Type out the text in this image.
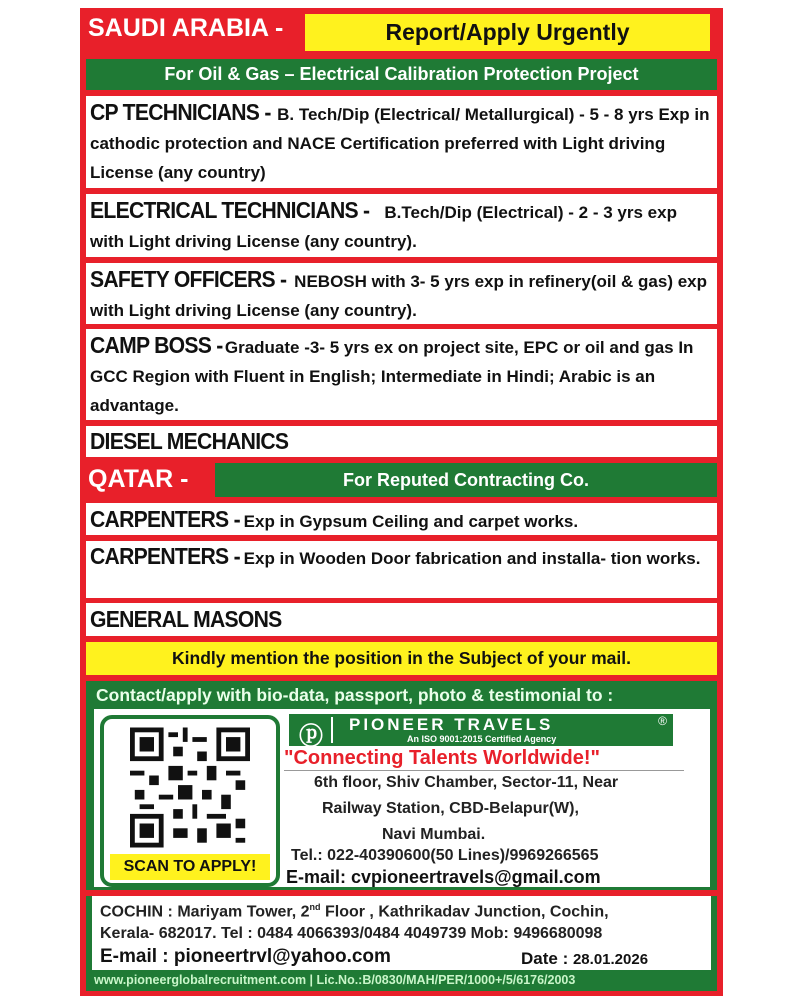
SAUDI ARABIA -	Report/Apply Urgently
For Oil & Gas – Electrical Calibration Protection Project
CP TECHNICIANS - B. Tech/Dip (Electrical/ Metallurgical) - 5 - 8 yrs Exp in cathodic protection and NACE Certification preferred with Light driving License (any country)
ELECTRICAL TECHNICIANS - B.Tech/Dip (Electrical) - 2 - 3 yrs exp with Light driving License (any country).
SAFETY OFFICERS - NEBOSH with 3- 5 yrs exp in refinery(oil & gas) exp with Light driving License (any country).
CAMP BOSS - Graduate -3- 5 yrs ex on project site, EPC or oil and gas In GCC Region with Fluent in English; Intermediate in Hindi; Arabic is an advantage.
DIESEL MECHANICS
QATAR -	For Reputed Contracting Co.
CARPENTERS - Exp in Gypsum Ceiling and carpet works.
CARPENTERS - Exp in Wooden Door fabrication and installa- tion works.
GENERAL MASONS
Kindly mention the position in the Subject of your mail.
Contact/apply with bio-data, passport, photo & testimonial to :
SCAN TO APPLY!
ⓟ PIONEER TRAVELS	®
An ISO 9001:2015 Certified Agency
"Connecting Talents Worldwide!"
6th floor, Shiv Chamber, Sector-11, Near
Railway Station, CBD-Belapur(W),
Navi Mumbai.
Tel.: 022-40390600(50 Lines)/9969266565
E-mail: cvpioneertravels@gmail.com
COCHIN : Mariyam Tower, 2nd Floor , Kathrikadav Junction, Cochin,
Kerala- 682017. Tel : 0484 4066393/0484 4049739 Mob: 9496680098
E-mail : pioneertrvl@yahoo.com	Date : 28.01.2026
www.pioneerglobalrecruitment.com | Lic.No.:B/0830/MAH/PER/1000+/5/6176/2003
